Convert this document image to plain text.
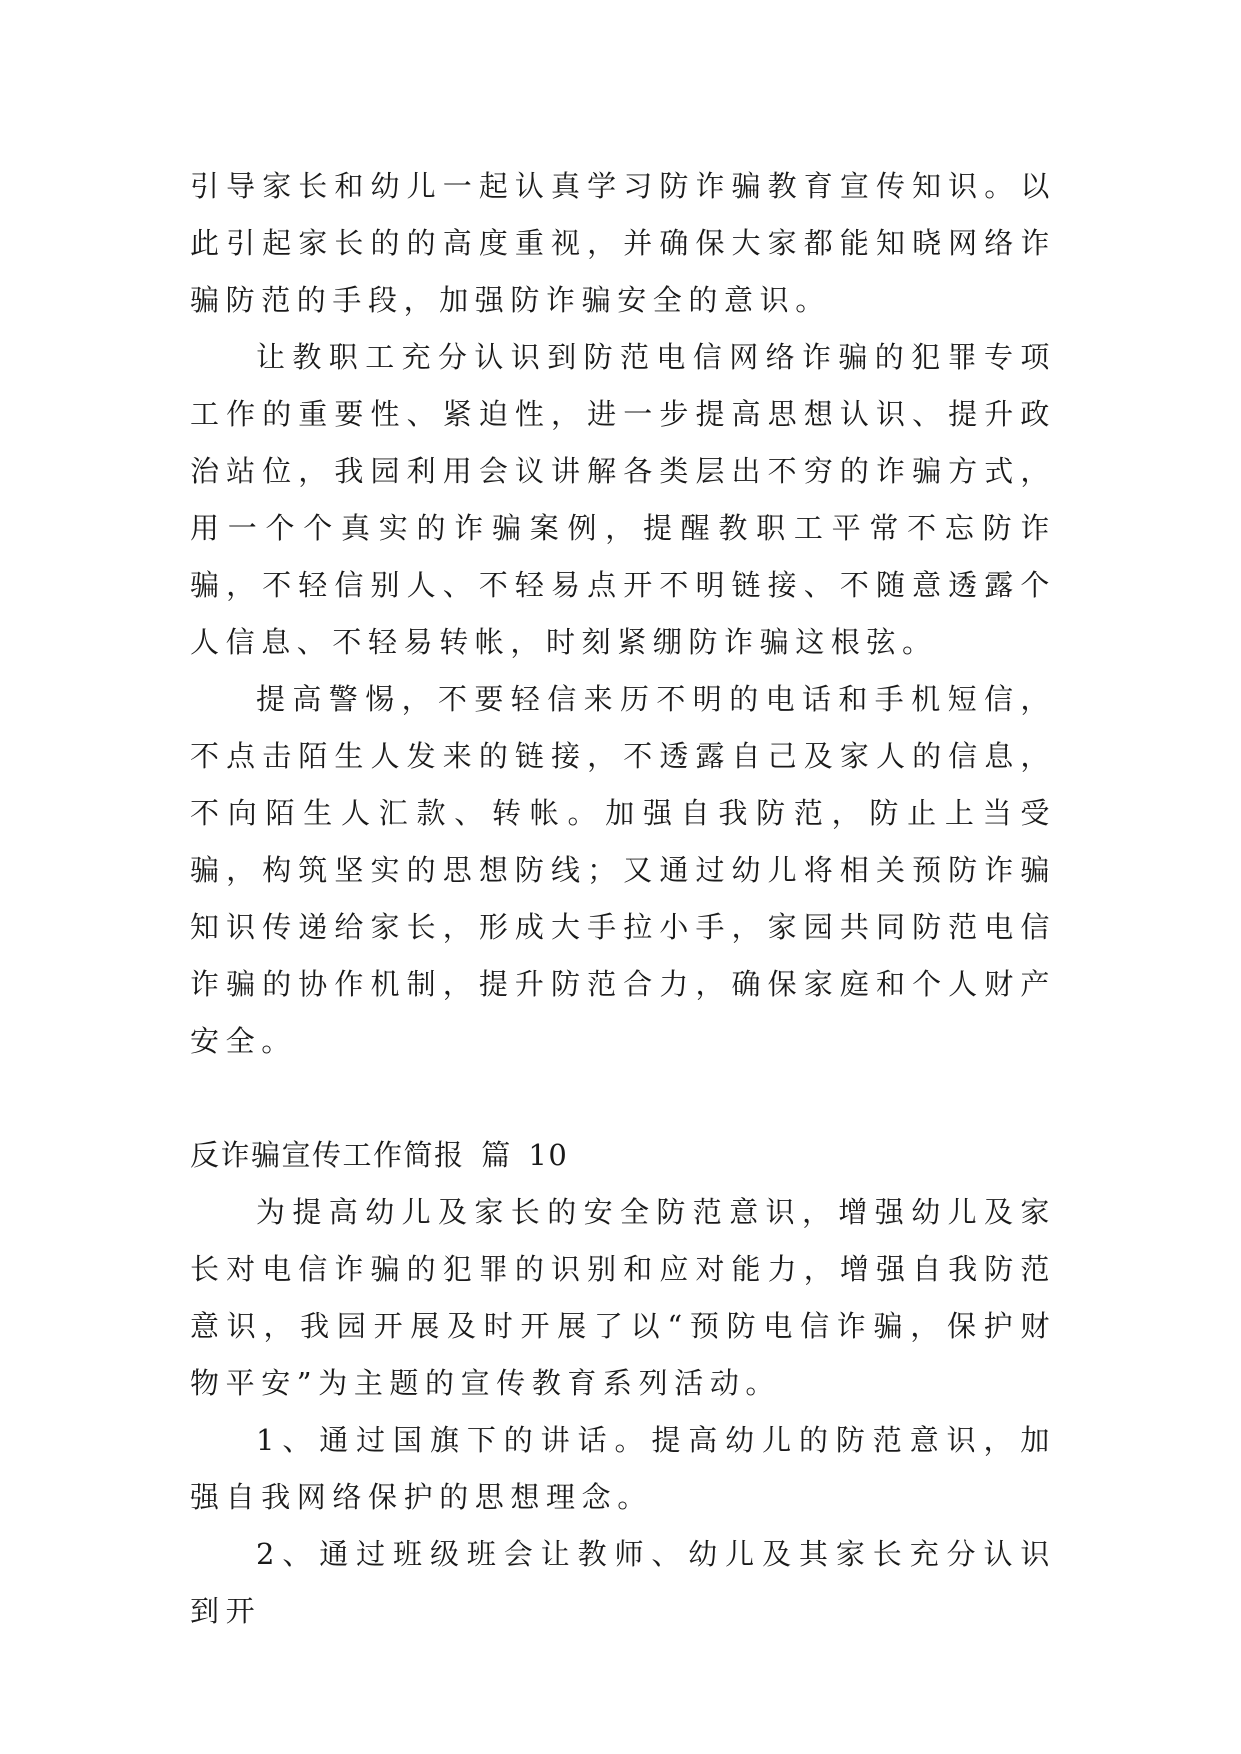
引导家长和幼儿一起认真学习防诈骗教育宣传知识。以此引起家长的的高度重视，并确保大家都能知晓网络诈骗防范的手段，加强防诈骗安全的意识。

让教职工充分认识到防范电信网络诈骗的犯罪专项工作的重要性、紧迫性，进一步提高思想认识、提升政治站位，我园利用会议讲解各类层出不穷的诈骗方式，用一个个真实的诈骗案例，提醒教职工平常不忘防诈骗，不轻信别人、不轻易点开不明链接、不随意透露个人信息、不轻易转帐，时刻紧绷防诈骗这根弦。

提高警惕，不要轻信来历不明的电话和手机短信，不点击陌生人发来的链接，不透露自己及家人的信息，不向陌生人汇款、转帐。加强自我防范，防止上当受骗，构筑坚实的思想防线；又通过幼儿将相关预防诈骗知识传递给家长，形成大手拉小手，家园共同防范电信诈骗的协作机制，提升防范合力，确保家庭和个人财产安全。

反诈骗宣传工作简报 篇 10

为提高幼儿及家长的安全防范意识，增强幼儿及家长对电信诈骗的犯罪的识别和应对能力，增强自我防范意识，我园开展及时开展了以“预防电信诈骗，保护财物平安”为主题的宣传教育系列活动。

1、通过国旗下的讲话。提高幼儿的防范意识，加强自我网络保护的思想理念。

2、通过班级班会让教师、幼儿及其家长充分认识到开
